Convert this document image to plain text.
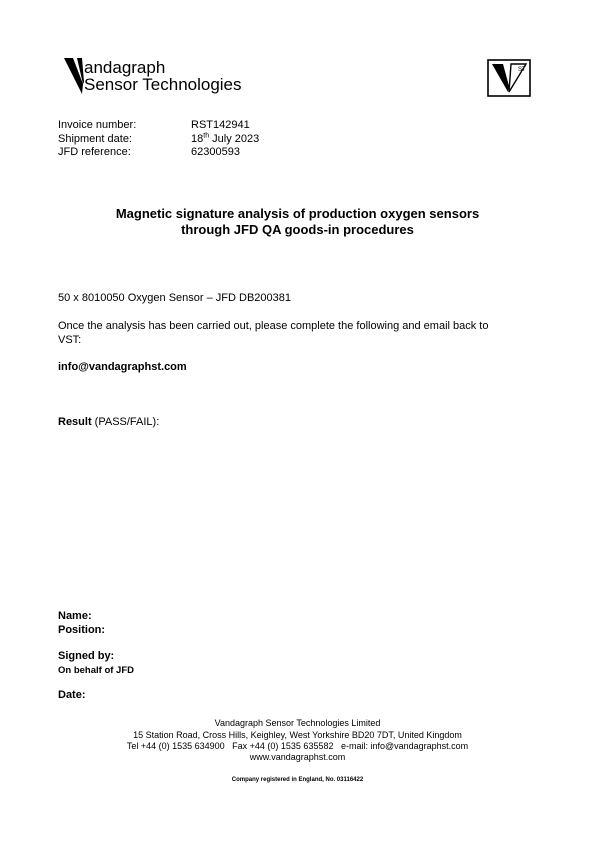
andagraph
Sensor Technologies
ST
Invoice number:	RST142941
Shipment date:	18th July 2023
JFD reference:	62300593
Magnetic signature analysis of production oxygen sensors
through JFD QA goods-in procedures
50 x 8010050 Oxygen Sensor – JFD DB200381
Once the analysis has been carried out, please complete the following and email back to
VST:
info@vandagraphst.com
Result (PASS/FAIL):
Name:
Position:
Signed by:
On behalf of JFD
Date:
Vandagraph Sensor Technologies Limited
15 Station Road, Cross Hills, Keighley, West Yorkshire BD20 7DT, United Kingdom
Tel +44 (0) 1535 634900   Fax +44 (0) 1535 635582   e-mail: info@vandagraphst.com
www.vandagraphst.com
Company registered in England, No. 03116422
